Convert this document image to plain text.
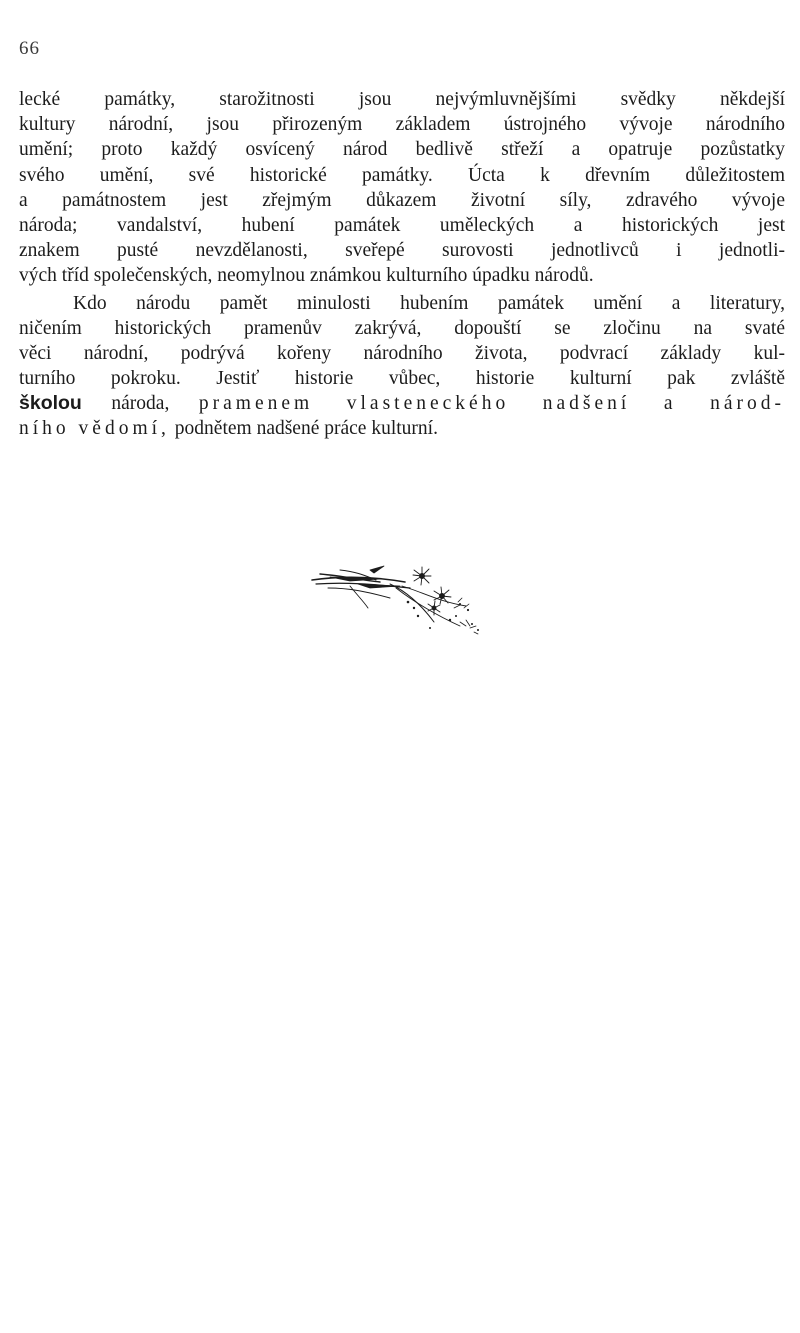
66
lecké památky, starožitnosti jsou nejvýmluvnějšími svědky někdejší
kultury národní, jsou přirozeným základem ústrojného vývoje národního
umění; proto každý osvícený národ bedlivě střeží a opatruje pozůstatky
svého umění, své historické památky. Úcta k dřevním důležitostem
a památnostem jest zřejmým důkazem životní síly, zdravého vývoje
národa; vandalství, hubení památek uměleckých a historických jest
znakem pusté nevzdělanosti, sveřepé surovosti jednotlivců i jednotli-
vých tříd společenských, neomylnou známkou kulturního úpadku národů.
Kdo národu pamět minulosti hubením památek umění a literatury,
ničením historických pramenův zakrývá, dopouští se zločinu na svaté
věci národní, podrývá kořeny národního života, podvrací základy kul-
turního pokroku. Jestiť historie vůbec, historie kulturní pak zvláště
školou národa, pramenem vlasteneckého nadšení a národ-
ního vědomí, podnětem nadšené práce kulturní.
